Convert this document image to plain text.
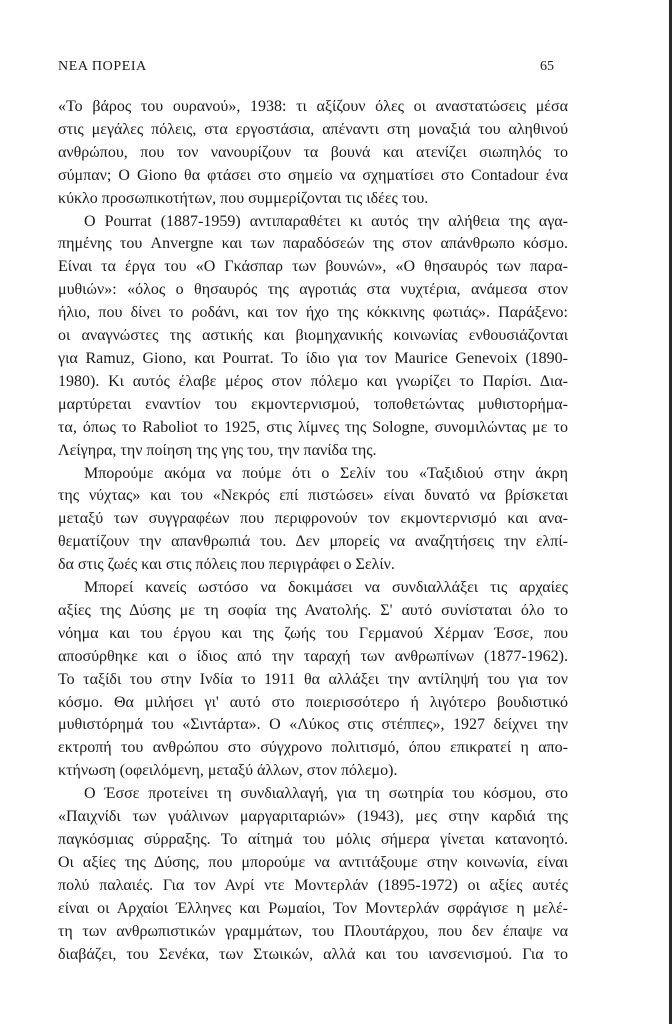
ΝΕΑ ΠΟΡΕΙΑ	65
«Το βάρος του ουρανού», 1938: τι αξίζουν όλες οι αναστατώσεις μέσα
στις μεγάλες πόλεις, στα εργοστάσια, απέναντι στη μοναξιά του αληθινού
ανθρώπου, που τον νανουρίζουν τα βουνά και ατενίζει σιωπηλός το
σύμπαν; Ο Giono θα φτάσει στο σημείο να σχηματίσει στο Contadour ένα
κύκλο προσωπικοτήτων, που συμμερίζονται τις ιδέες του.
Ο Pourrat (1887-1959) αντιπαραθέτει κι αυτός την αλήθεια της αγα-
πημένης του Anvergne και των παραδόσεών της στον απάνθρωπο κόσμο.
Είναι τα έργα του «Ο Γκάσπαρ των βουνών», «Ο θησαυρός των παρα-
μυθιών»: «όλος ο θησαυρός της αγροτιάς στα νυχτέρια, ανάμεσα στον
ήλιο, που δίνει το ροδάνι, και τον ήχο της κόκκινης φωτιάς». Παράξενο:
οι αναγνώστες της αστικής και βιομηχανικής κοινωνίας ενθουσιάζονται
για Ramuz, Giono, και Pourrat. Το ίδιο για τον Maurice Genevoix (1890-
1980). Κι αυτός έλαβε μέρος στον πόλεμο και γνωρίζει το Παρίσι. Δια-
μαρτύρεται εναντίον του εκμοντερνισμού, τοποθετώντας μυθιστορήμα-
τα, όπως το Raboliot το 1925, στις λίμνες της Sologne, συνομιλώντας με το
Λείγηρα, την ποίηση της γης του, την πανίδα της.
Μπορούμε ακόμα να πούμε ότι ο Σελίν του «Ταξιδιού στην άκρη
της νύχτας» και του «Νεκρός επί πιστώσει» είναι δυνατό να βρίσκεται
μεταξύ των συγγραφέων που περιφρονούν τον εκμοντερνισμό και ανα-
θεματίζουν την απανθρωπιά του. Δεν μπορείς να αναζητήσεις την ελπί-
δα στις ζωές και στις πόλεις που περιγράφει ο Σελίν.
Μπορεί κανείς ωστόσο να δοκιμάσει να συνδιαλλάξει τις αρχαίες
αξίες της Δύσης με τη σοφία της Ανατολής. Σ' αυτό συνίσταται όλο το
νόημα και του έργου και της ζωής του Γερμανού Χέρμαν Έσσε, που
αποσύρθηκε και ο ίδιος από την ταραχή των ανθρωπίνων (1877-1962).
Το ταξίδι του στην Ινδία το 1911 θα αλλάξει την αντίληψή του για τον
κόσμο. Θα μιλήσει γι' αυτό στο ποιερισσότερο ή λιγότερο βουδιστικό
μυθιστόρημά του «Σιντάρτα». Ο «Λύκος στις στέππες», 1927 δείχνει την
εκτροπή του ανθρώπου στο σύγχρονο πολιτισμό, όπου επικρατεί η απο-
κτήνωση (οφειλόμενη, μεταξύ άλλων, στον πόλεμο).
Ο Έσσε προτείνει τη συνδιαλλαγή, για τη σωτηρία του κόσμου, στο
«Παιχνίδι των γυάλινων μαργαριταριών» (1943), μες στην καρδιά της
παγκόσμιας σύρραξης. Το αίτημά του μόλις σήμερα γίνεται κατανοητό.
Οι αξίες της Δύσης, που μπορούμε να αντιτάξουμε στην κοινωνία, είναι
πολύ παλαιές. Για τον Ανρί ντε Μοντερλάν (1895-1972) οι αξίες αυτές
είναι οι Αρχαίοι Έλληνες και Ρωμαίοι, Τον Μοντερλάν σφράγισε η μελέ-
τη των ανθρωπιστικών γραμμάτων, του Πλουτάρχου, που δεν έπαψε να
διαβάζει, του Σενέκα, των Στωικών, αλλά και του ιανσενισμού. Για το
